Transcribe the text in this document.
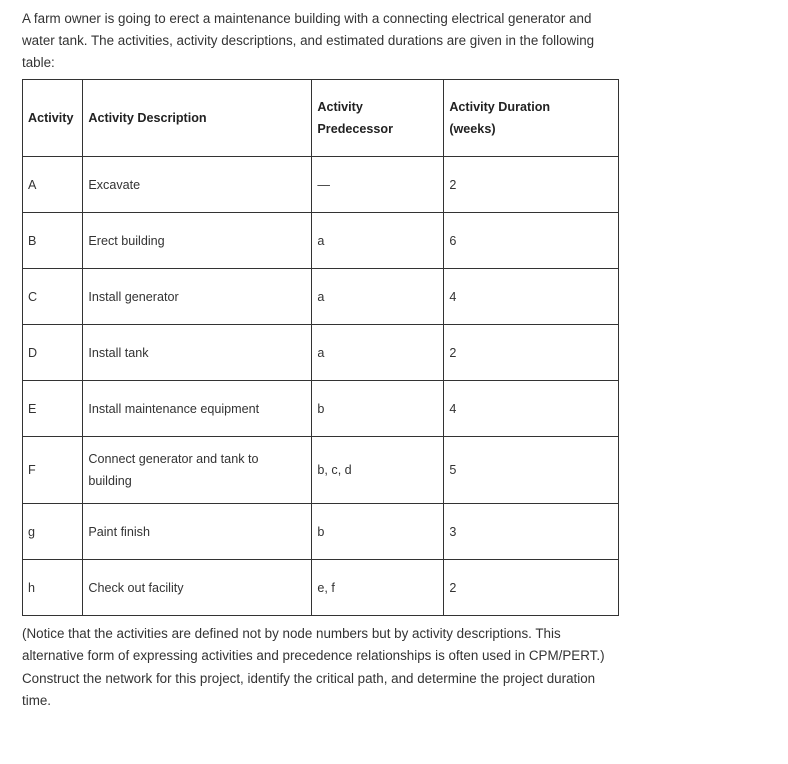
A farm owner is going to erect a maintenance building with a connecting electrical generator and water tank. The activities, activity descriptions, and estimated durations are given in the following table:

Activity	Activity Description	Activity Predecessor	Activity Duration (weeks)

A	Excavate	—	2
B	Erect building	a	6
C	Install generator	a	4
D	Install tank	a	2
E	Install maintenance equipment	b	4
F	Connect generator and tank to building	b, c, d	5
g	Paint finish	b	3
h	Check out facility	e, f	2

(Notice that the activities are defined not by node numbers but by activity descriptions. This alternative form of expressing activities and precedence relationships is often used in CPM/PERT.) Construct the network for this project, identify the critical path, and determine the project duration time.
